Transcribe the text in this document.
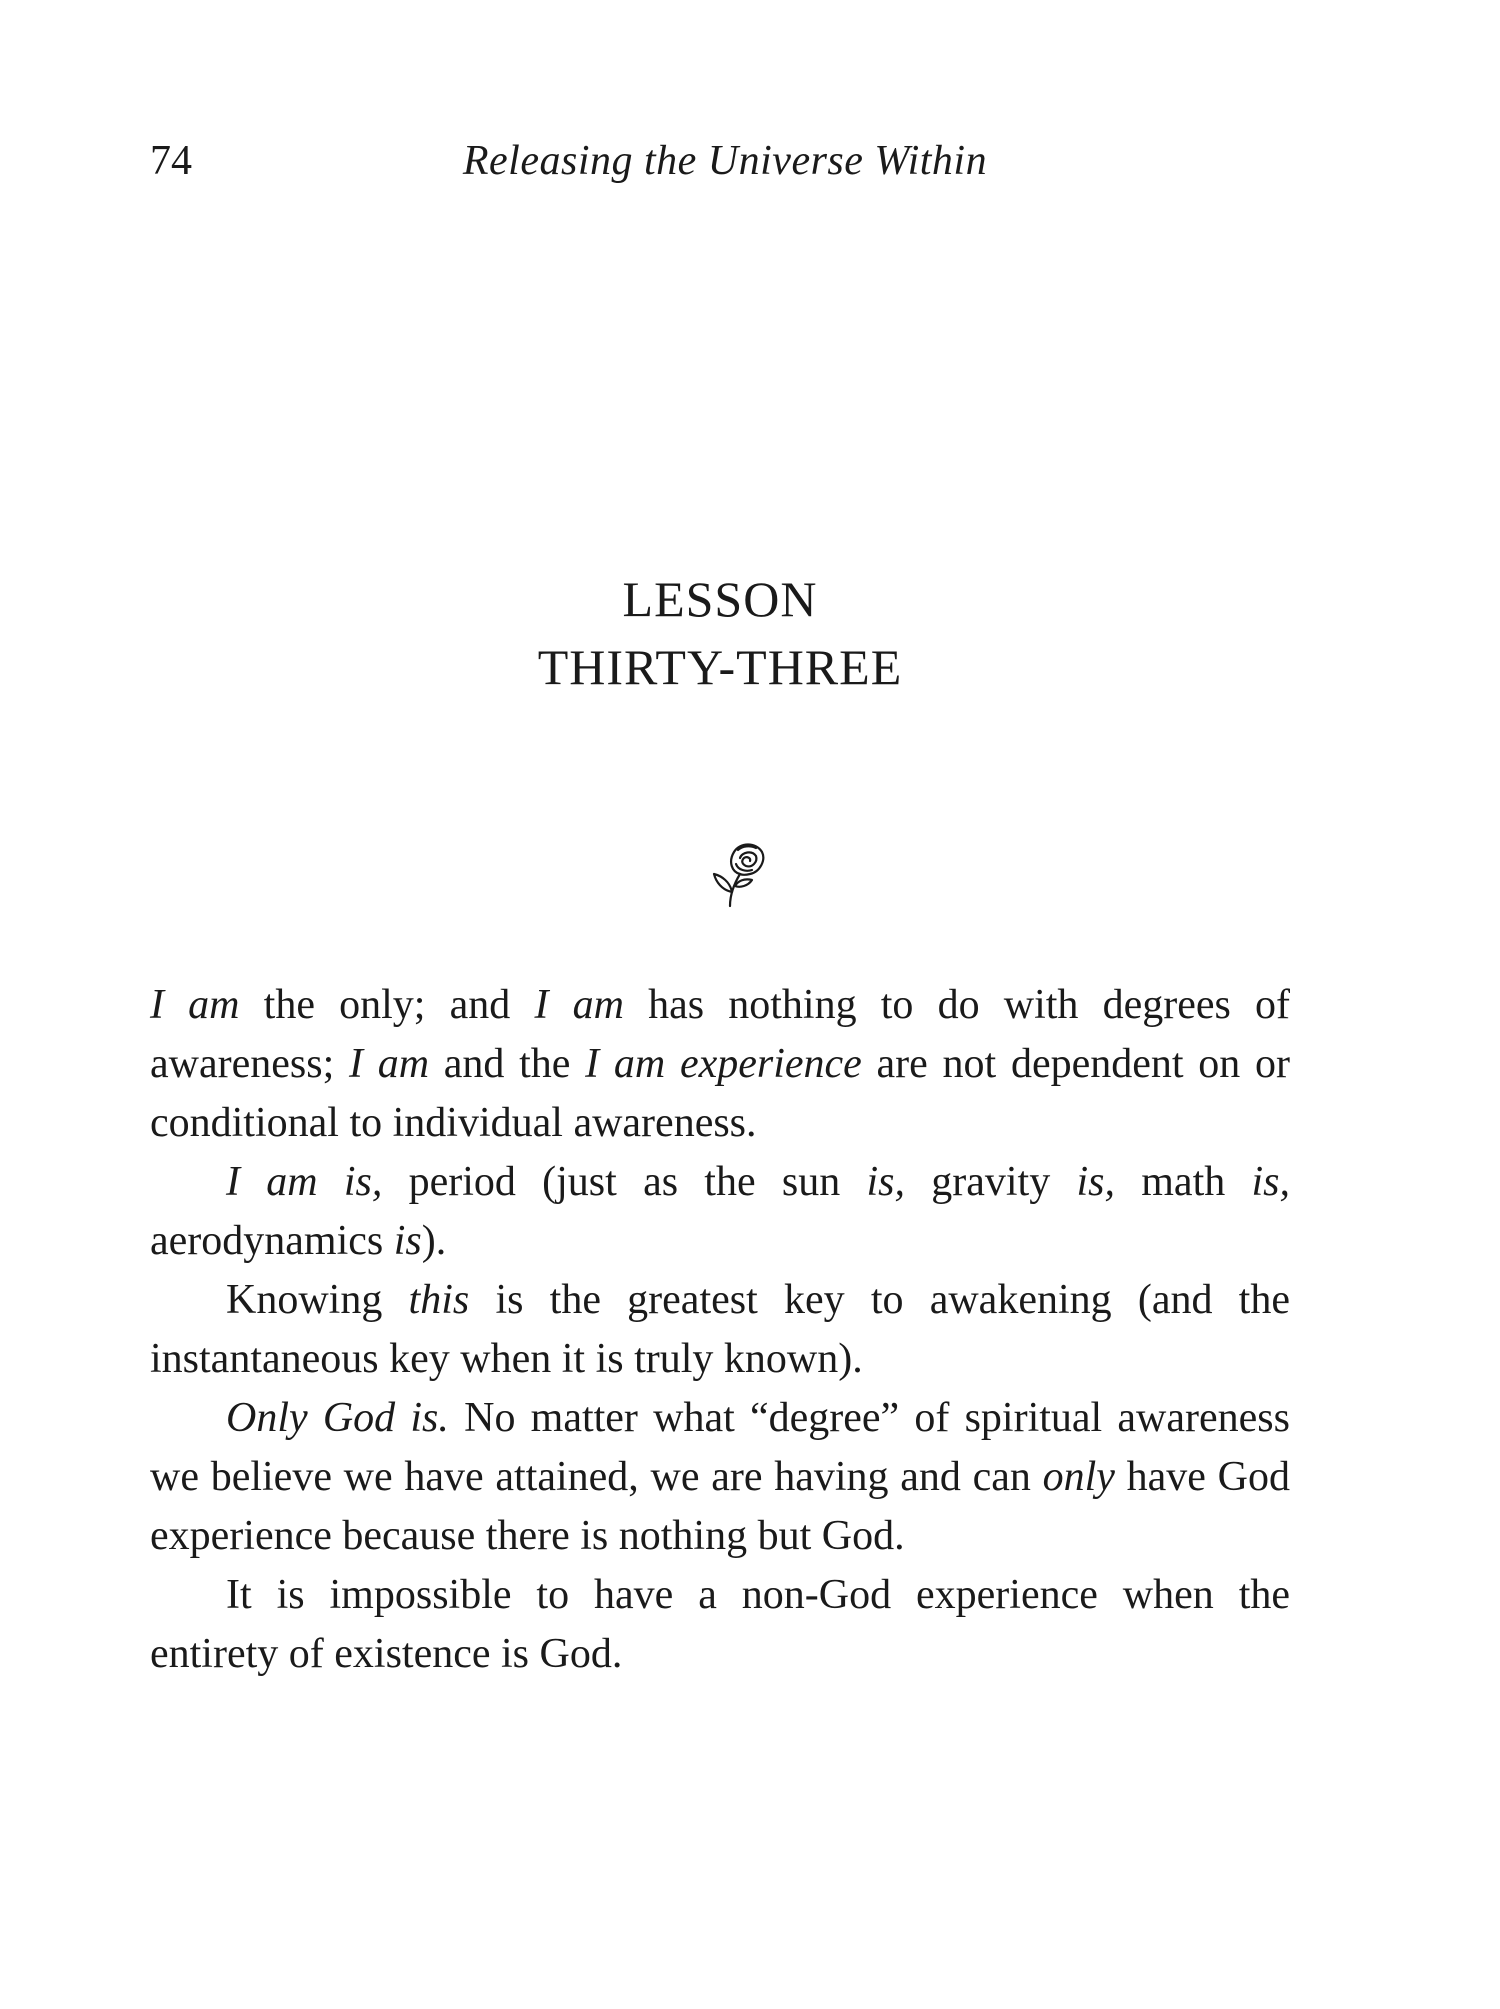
74	Releasing the Universe Within
LESSON
THIRTY-THREE

I am the only; and I am has nothing to do with degrees of awareness; I am and the I am experience are not dependent on or conditional to individual awareness.

I am is, period (just as the sun is, gravity is, math is, aerodynamics is).

Knowing this is the greatest key to awakening (and the instantaneous key when it is truly known).

Only God is. No matter what “degree” of spiritual awareness we believe we have attained, we are having and can only have God experience because there is nothing but God.

It is impossible to have a non-God experience when the entirety of existence is God.
